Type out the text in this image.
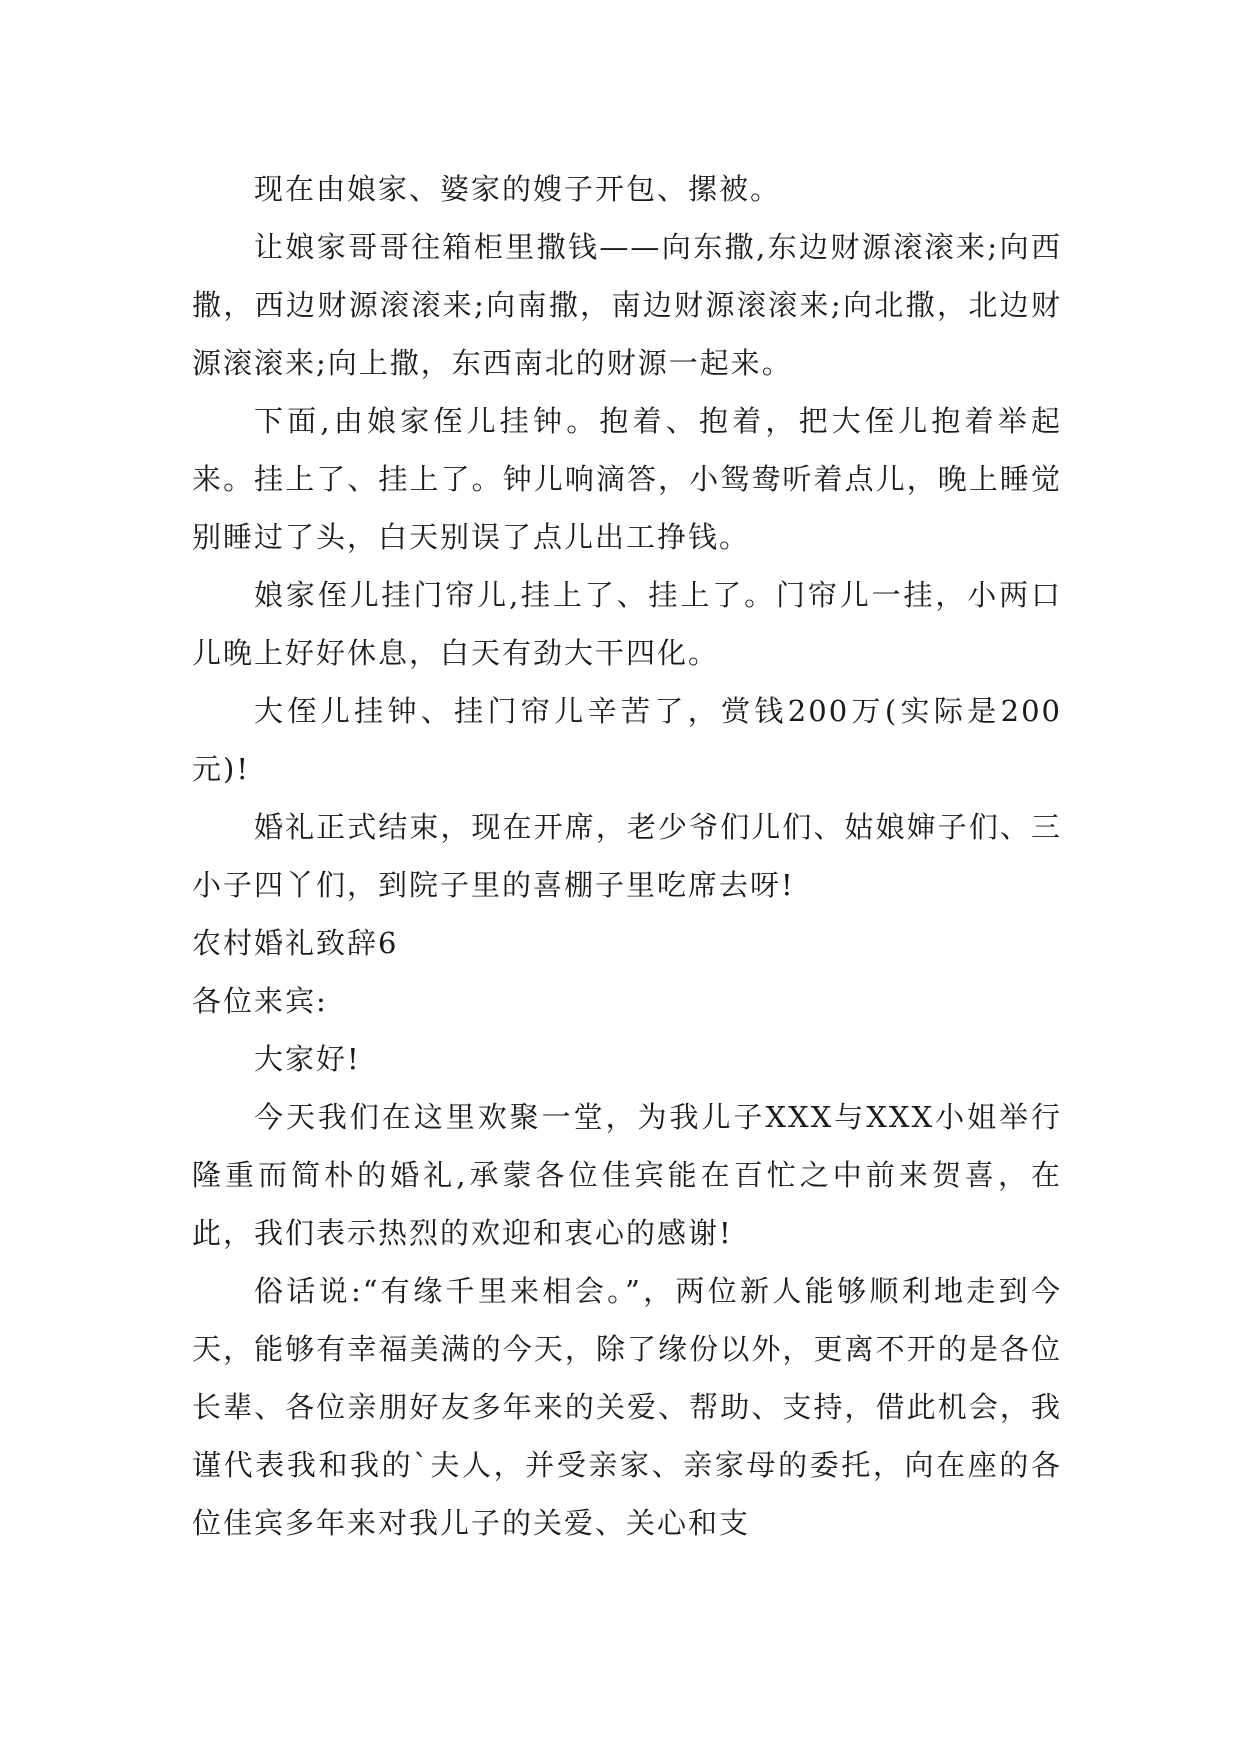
现在由娘家、婆家的嫂子开包、摞被。

让娘家哥哥往箱柜里撒钱——向东撒,东边财源滚滚来;向西撒，西边财源滚滚来;向南撒，南边财源滚滚来;向北撒，北边财源滚滚来;向上撒，东西南北的财源一起来。

下面,由娘家侄儿挂钟。抱着、抱着，把大侄儿抱着举起来。挂上了、挂上了。钟儿响滴答，小鸳鸯听着点儿，晚上睡觉别睡过了头，白天别误了点儿出工挣钱。

娘家侄儿挂门帘儿,挂上了、挂上了。门帘儿一挂，小两口儿晚上好好休息，白天有劲大干四化。

大侄儿挂钟、挂门帘儿辛苦了，赏钱200万(实际是200元)!

婚礼正式结束，现在开席，老少爷们儿们、姑娘婶子们、三小子四丫们，到院子里的喜棚子里吃席去呀!

农村婚礼致辞6

各位来宾:

大家好!

今天我们在这里欢聚一堂，为我儿子XXX与XXX小姐举行隆重而简朴的婚礼,承蒙各位佳宾能在百忙之中前来贺喜，在此，我们表示热烈的欢迎和衷心的感谢!

俗话说:“有缘千里来相会。”，两位新人能够顺利地走到今天，能够有幸福美满的今天，除了缘份以外，更离不开的是各位长辈、各位亲朋好友多年来的关爱、帮助、支持，借此机会，我谨代表我和我的`夫人，并受亲家、亲家母的委托，向在座的各位佳宾多年来对我儿子的关爱、关心和支
